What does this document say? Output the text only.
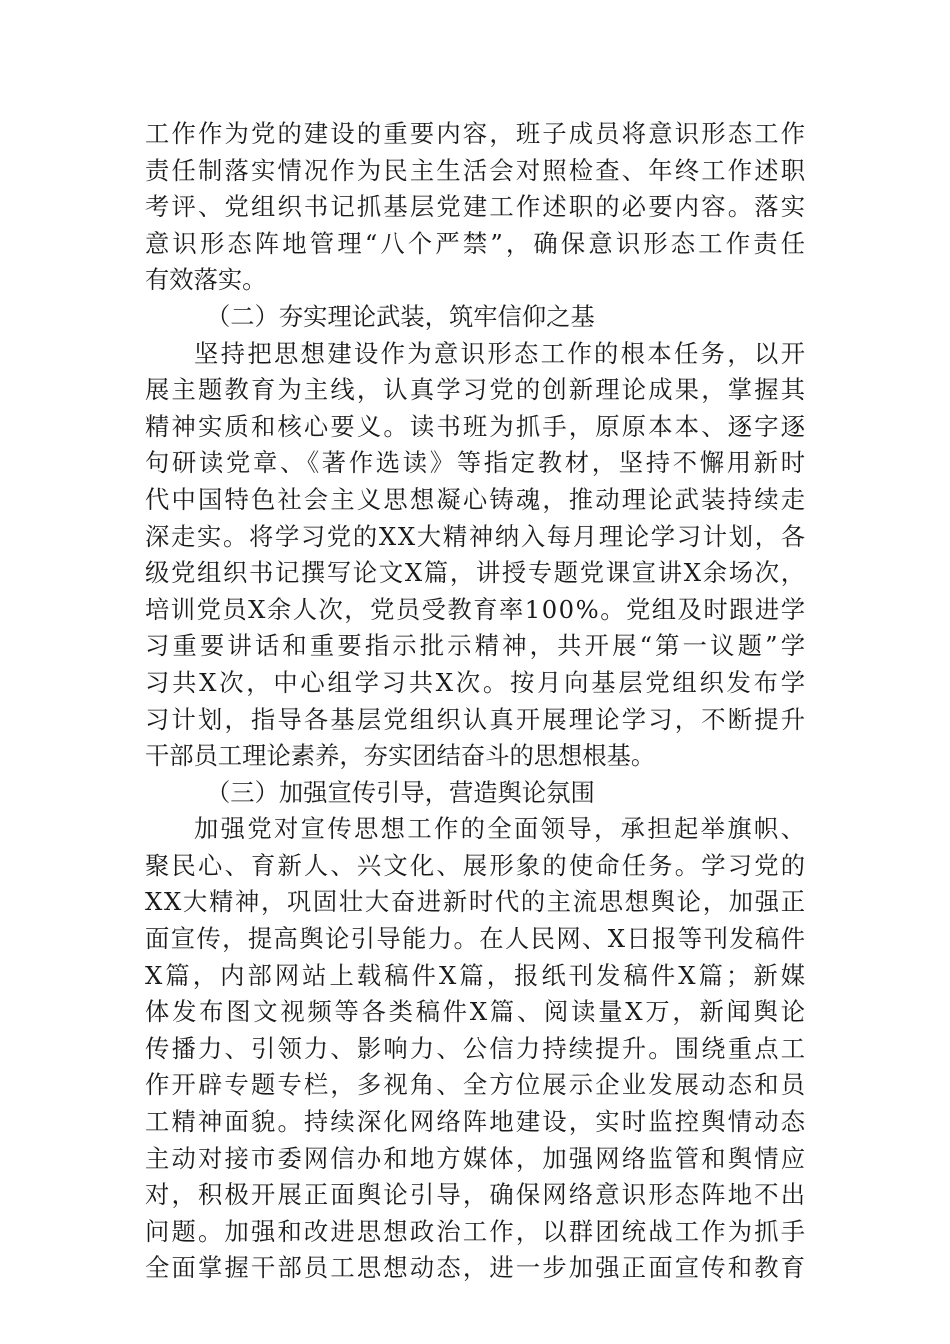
工作作为党的建设的重要内容，班子成员将意识形态工作
责任制落实情况作为民主生活会对照检查、年终工作述职
考评、党组织书记抓基层党建工作述职的必要内容。落实
意识形态阵地管理“八个严禁”，确保意识形态工作责任
有效落实。
（二）夯实理论武装，筑牢信仰之基
坚持把思想建设作为意识形态工作的根本任务，以开
展主题教育为主线，认真学习党的创新理论成果，掌握其
精神实质和核心要义。读书班为抓手，原原本本、逐字逐
句研读党章、《著作选读》等指定教材，坚持不懈用新时
代中国特色社会主义思想凝心铸魂，推动理论武装持续走
深走实。将学习党的XX大精神纳入每月理论学习计划，各
级党组织书记撰写论文X篇，讲授专题党课宣讲X余场次，
培训党员X余人次，党员受教育率100%。党组及时跟进学
习重要讲话和重要指示批示精神，共开展“第一议题”学
习共X次，中心组学习共X次。按月向基层党组织发布学
习计划，指导各基层党组织认真开展理论学习，不断提升
干部员工理论素养，夯实团结奋斗的思想根基。
（三）加强宣传引导，营造舆论氛围
加强党对宣传思想工作的全面领导，承担起举旗帜、
聚民心、育新人、兴文化、展形象的使命任务。学习党的
XX大精神，巩固壮大奋进新时代的主流思想舆论，加强正
面宣传，提高舆论引导能力。在人民网、X日报等刊发稿件
X篇，内部网站上载稿件X篇，报纸刊发稿件X篇；新媒
体发布图文视频等各类稿件X篇、阅读量X万，新闻舆论
传播力、引领力、影响力、公信力持续提升。围绕重点工
作开辟专题专栏，多视角、全方位展示企业发展动态和员
工精神面貌。持续深化网络阵地建设，实时监控舆情动态
主动对接市委网信办和地方媒体，加强网络监管和舆情应
对，积极开展正面舆论引导，确保网络意识形态阵地不出
问题。加强和改进思想政治工作，以群团统战工作为抓手
全面掌握干部员工思想动态，进一步加强正面宣传和教育
